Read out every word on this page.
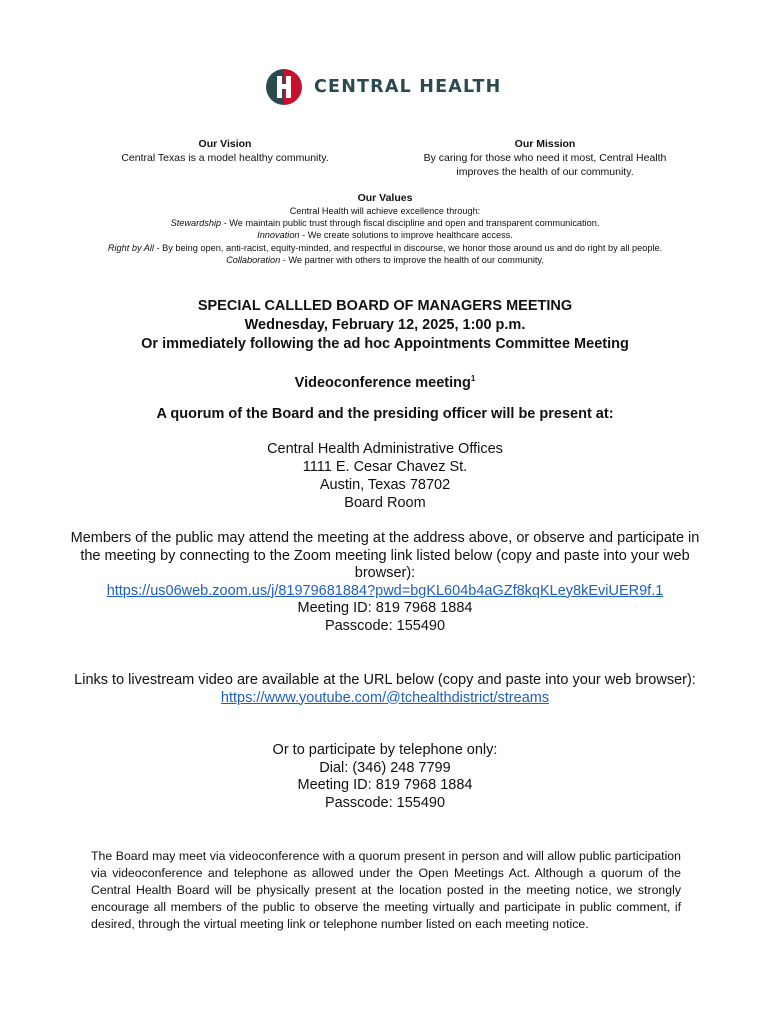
CENTRAL HEALTH
Our Vision
Central Texas is a model healthy community.
Our Mission
By caring for those who need it most, Central Health improves the health of our community.
Our Values
Central Health will achieve excellence through:
Stewardship - We maintain public trust through fiscal discipline and open and transparent communication.
Innovation - We create solutions to improve healthcare access.
Right by All - By being open, anti-racist, equity-minded, and respectful in discourse, we honor those around us and do right by all people.
Collaboration - We partner with others to improve the health of our community.
SPECIAL CALLLED BOARD OF MANAGERS MEETING
Wednesday, February 12, 2025, 1:00 p.m.
Or immediately following the ad hoc Appointments Committee Meeting
Videoconference meeting$^1$
A quorum of the Board and the presiding officer will be present at:
Central Health Administrative Offices
1111 E. Cesar Chavez St.
Austin, Texas 78702
Board Room
Members of the public may attend the meeting at the address above, or observe and participate in the meeting by connecting to the Zoom meeting link listed below (copy and paste into your web browser):
https://us06web.zoom.us/j/81979681884?pwd=bgKL604b4aGZf8kqKLey8kEviUER9f.1
Meeting ID: 819 7968 1884
Passcode: 155490
Links to livestream video are available at the URL below (copy and paste into your web browser):
https://www.youtube.com/@tchealthdistrict/streams
Or to participate by telephone only:
Dial: (346) 248 7799
Meeting ID: 819 7968 1884
Passcode: 155490
The Board may meet via videoconference with a quorum present in person and will allow public participation via videoconference and telephone as allowed under the Open Meetings Act. Although a quorum of the Central Health Board will be physically present at the location posted in the meeting notice, we strongly encourage all members of the public to observe the meeting virtually and participate in public comment, if desired, through the virtual meeting link or telephone number listed on each meeting notice.
